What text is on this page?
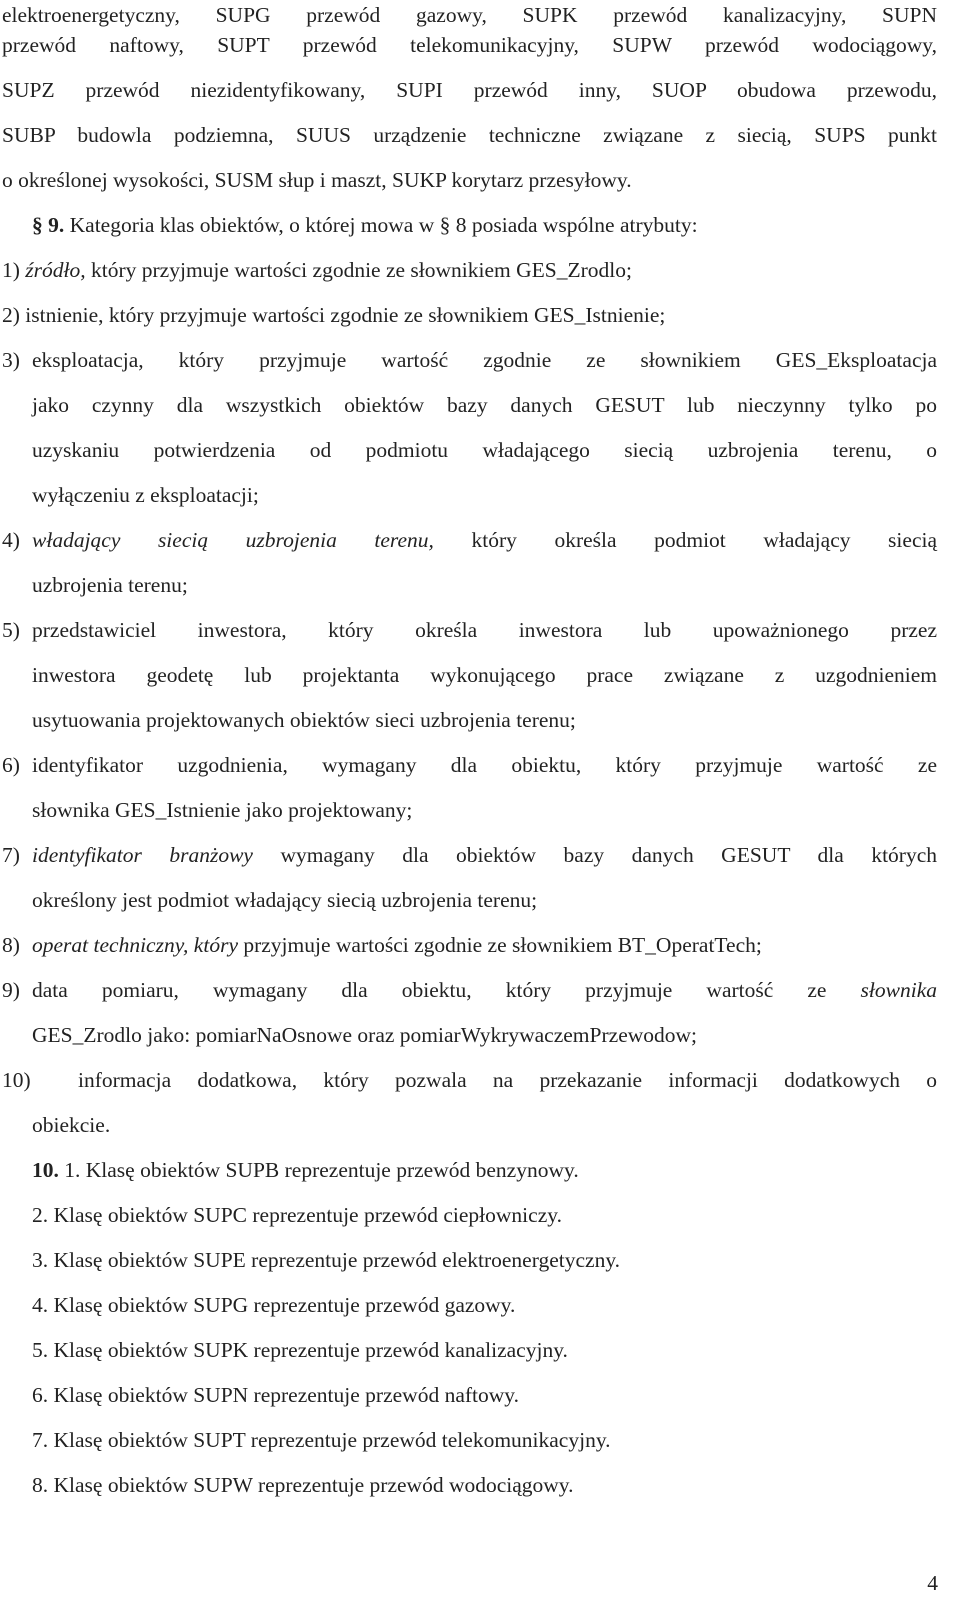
elektroenergetyczny, SUPG przewód gazowy, SUPK przewód kanalizacyjny, SUPN
przewód naftowy, SUPT przewód telekomunikacyjny, SUPW przewód wodociągowy,
SUPZ przewód niezidentyfikowany, SUPI przewód inny, SUOP obudowa przewodu,
SUBP budowla podziemna, SUUS urządzenie techniczne związane z siecią, SUPS punkt
o określonej wysokości, SUSM słup i maszt, SUKP korytarz przesyłowy.
§ 9. Kategoria klas obiektów, o której mowa w § 8 posiada wspólne atrybuty:
1) źródło, który przyjmuje wartości zgodnie ze słownikiem GES_Zrodlo;
2) istnienie, który przyjmuje wartości zgodnie ze słownikiem GES_Istnienie;
3) eksploatacja, który przyjmuje wartość zgodnie ze słownikiem GES_Eksploatacja
jako czynny dla wszystkich obiektów bazy danych GESUT lub nieczynny tylko po
uzyskaniu potwierdzenia od podmiotu władającego siecią uzbrojenia terenu, o
wyłączeniu z eksploatacji;
4) władający siecią uzbrojenia terenu, który określa podmiot władający siecią
uzbrojenia terenu;
5) przedstawiciel inwestora, który określa inwestora lub upoważnionego przez
inwestora geodetę lub projektanta wykonującego prace związane z uzgodnieniem
usytuowania projektowanych obiektów sieci uzbrojenia terenu;
6) identyfikator uzgodnienia, wymagany dla obiektu, który przyjmuje wartość ze
słownika GES_Istnienie jako projektowany;
7) identyfikator branżowy wymagany dla obiektów bazy danych GESUT dla których
określony jest podmiot władający siecią uzbrojenia terenu;
8) operat techniczny, który przyjmuje wartości zgodnie ze słownikiem BT_OperatTech;
9) data pomiaru, wymagany dla obiektu, który przyjmuje wartość ze słownika
GES_Zrodlo jako: pomiarNaOsnowe oraz pomiarWykrywaczemPrzewodow;
10) informacja dodatkowa, który pozwala na przekazanie informacji dodatkowych o
obiekcie.
10. 1. Klasę obiektów SUPB reprezentuje przewód benzynowy.
2. Klasę obiektów SUPC reprezentuje przewód ciepłowniczy.
3. Klasę obiektów SUPE reprezentuje przewód elektroenergetyczny.
4. Klasę obiektów SUPG reprezentuje przewód gazowy.
5. Klasę obiektów SUPK reprezentuje przewód kanalizacyjny.
6. Klasę obiektów SUPN reprezentuje przewód naftowy.
7. Klasę obiektów SUPT reprezentuje przewód telekomunikacyjny.
8. Klasę obiektów SUPW reprezentuje przewód wodociągowy.
4
